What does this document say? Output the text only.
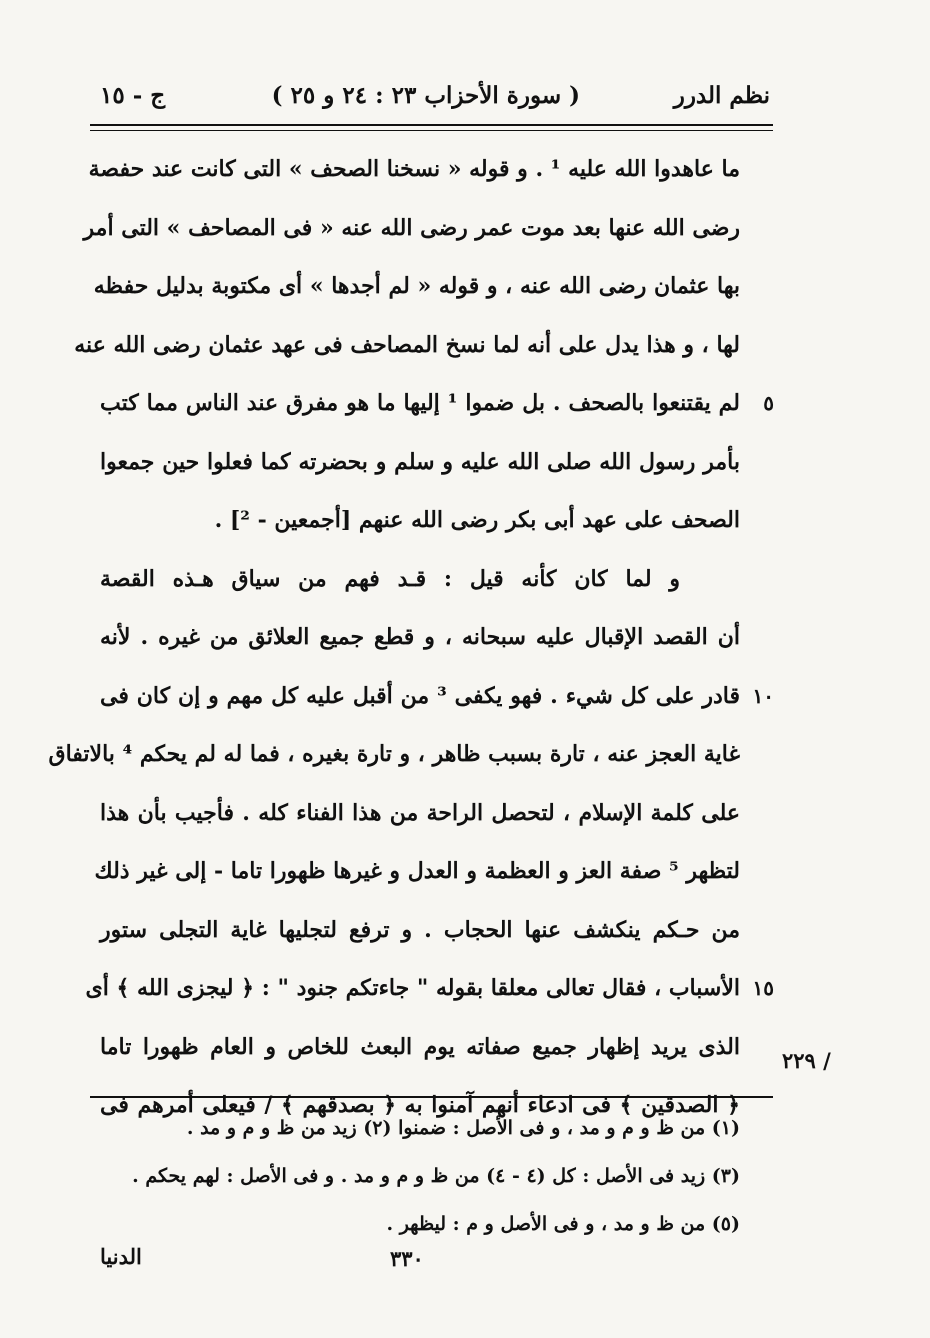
نظم الدرر
( سورة الأحزاب ٢٣ : ٢٤ و ٢٥ )
ج - ١٥
ما عاهدوا الله عليه ¹ . و قوله « نسخنا الصحف » التى كانت عند حفصة
رضى الله عنها بعد موت عمر رضى الله عنه « فى المصاحف » التى أمر
بها عثمان رضى الله عنه ، و قوله « لم أجدها » أى مكتوبة بدليل حفظه
لها ، و هذا يدل على أنه لما نسخ المصاحف فى عهد عثمان رضى الله عنه
٥
لم يقتنعوا بالصحف . بل ضموا ¹ إليها ما هو مفرق عند الناس مما كتب
بأمر رسول الله صلى الله عليه و سلم و بحضرته كما فعلوا حين جمعوا
الصحف على عهد أبى بكر رضى الله عنهم [أجمعين - ²] .
و لما كان كأنه قيل : قـد فهم من سياق هـذه القصة
أن القصد الإقبال عليه سبحانه ، و قطع جميع العلائق من غيره . لأنه
١٠
قادر على كل شيء . فهو يكفى ³ من أقبل عليه كل مهم و إن كان فى
غاية العجز عنه ، تارة بسبب ظاهر ، و تارة بغيره ، فما له لم يحكم ⁴ بالاتفاق
على كلمة الإسلام ، لتحصل الراحة من هذا الفناء كله . فأجيب بأن هذا
لتظهر ⁵ صفة العز و العظمة و العدل و غيرها ظهورا تاما - إلى غير ذلك
من حـكم ينكشف عنها الحجاب . و ترفع لتجليها غاية التجلى ستور
١٥
الأسباب ، فقال تعالى معلقا بقوله " جاءتكم جنود " : ﴿ ليجزى الله ﴾ أى
الذى يريد إظهار جميع صفاته يوم البعث للخاص و العام ظهورا تاما
﴿ الصدقين ﴾ فى ادعاء أنهم آمنوا به ﴿ بصدقهم ﴾ / فيعلى أمرهم فى
/ ٢٢٩
(١) من ظ و م و مد ، و فى الأصل : ضمنوا (٢) زيد من ظ و م و مد .
(٣) زيد فى الأصل : كل (٤ - ٤) من ظ و م و مد . و فى الأصل : لهم يحكم .
(٥) من ظ و مد ، و فى الأصل و م : ليظهر .
٣٣٠
الدنيا
